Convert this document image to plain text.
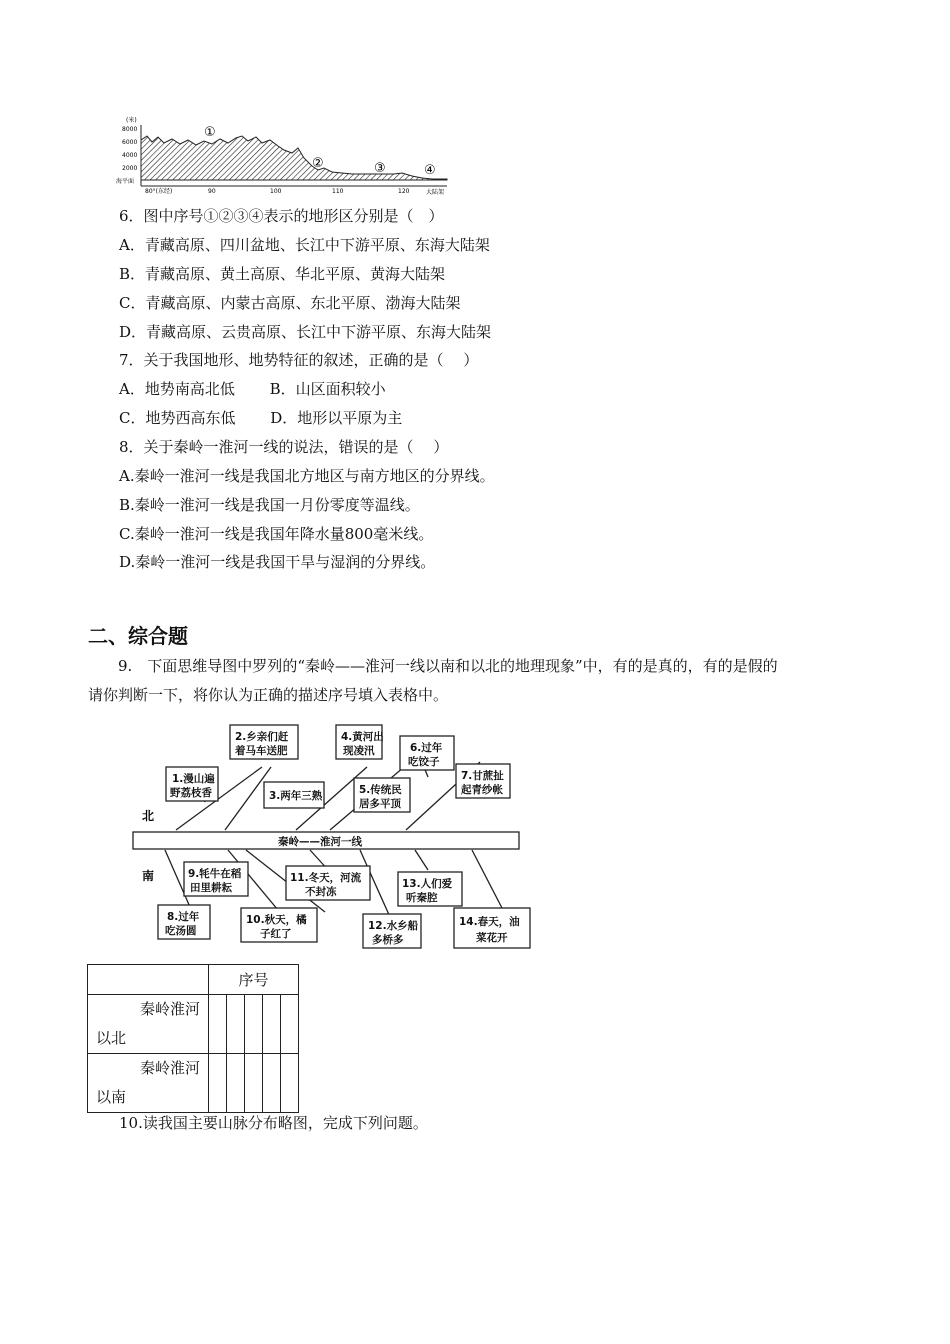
(米)
8000
6000
4000
2000
海平面
①
②	③	④
80°(东经)	90	100	110	120	大陆架
6．图中序号①②③④表示的地形区分别是（　）
A．青藏高原、四川盆地、长江中下游平原、东海大陆架
B．青藏高原、黄土高原、华北平原、黄海大陆架
C．青藏高原、内蒙古高原、东北平原、渤海大陆架
D．青藏高原、云贵高原、长江中下游平原、东海大陆架
7．关于我国地形、地势特征的叙述，正确的是（　 ）
A．地势南高北低　　 B．山区面积较小
C．地势西高东低　　 D．地形以平原为主
8．关于秦岭一淮河一线的说法，错误的是（　 ）
A.秦岭一淮河一线是我国北方地区与南方地区的分界线。
B.秦岭一淮河一线是我国一月份零度等温线。
C.秦岭一淮河一线是我国年降水量800毫米线。
D.秦岭一淮河一线是我国干旱与湿润的分界线。
二、综合题
9.　下面思维导图中罗列的“秦岭——淮河一线以南和以北的地理现象”中，有的是真的，有的是假的
请你判断一下，将你认为正确的描述序号填入表格中。
秦岭——淮河一线
北
南
1.漫山遍
野荔枝香
2.乡亲们赶
着马车送肥
3.两年三熟
4.黄河出
现凌汛
5.传统民
居多平顶
6.过年
吃饺子
7.甘蔗扯
起青纱帐
8.过年
吃汤圆
9.牦牛在稻
田里耕耘
10.秋天，橘
子红了
11.冬天，河流
不封冻
12.水乡船
多桥多
13.人们爱
听秦腔
14.春天，油
菜花开
	序号				

秦岭淮河
以北					

秦岭淮河
以南					
10.读我国主要山脉分布略图，完成下列问题。
